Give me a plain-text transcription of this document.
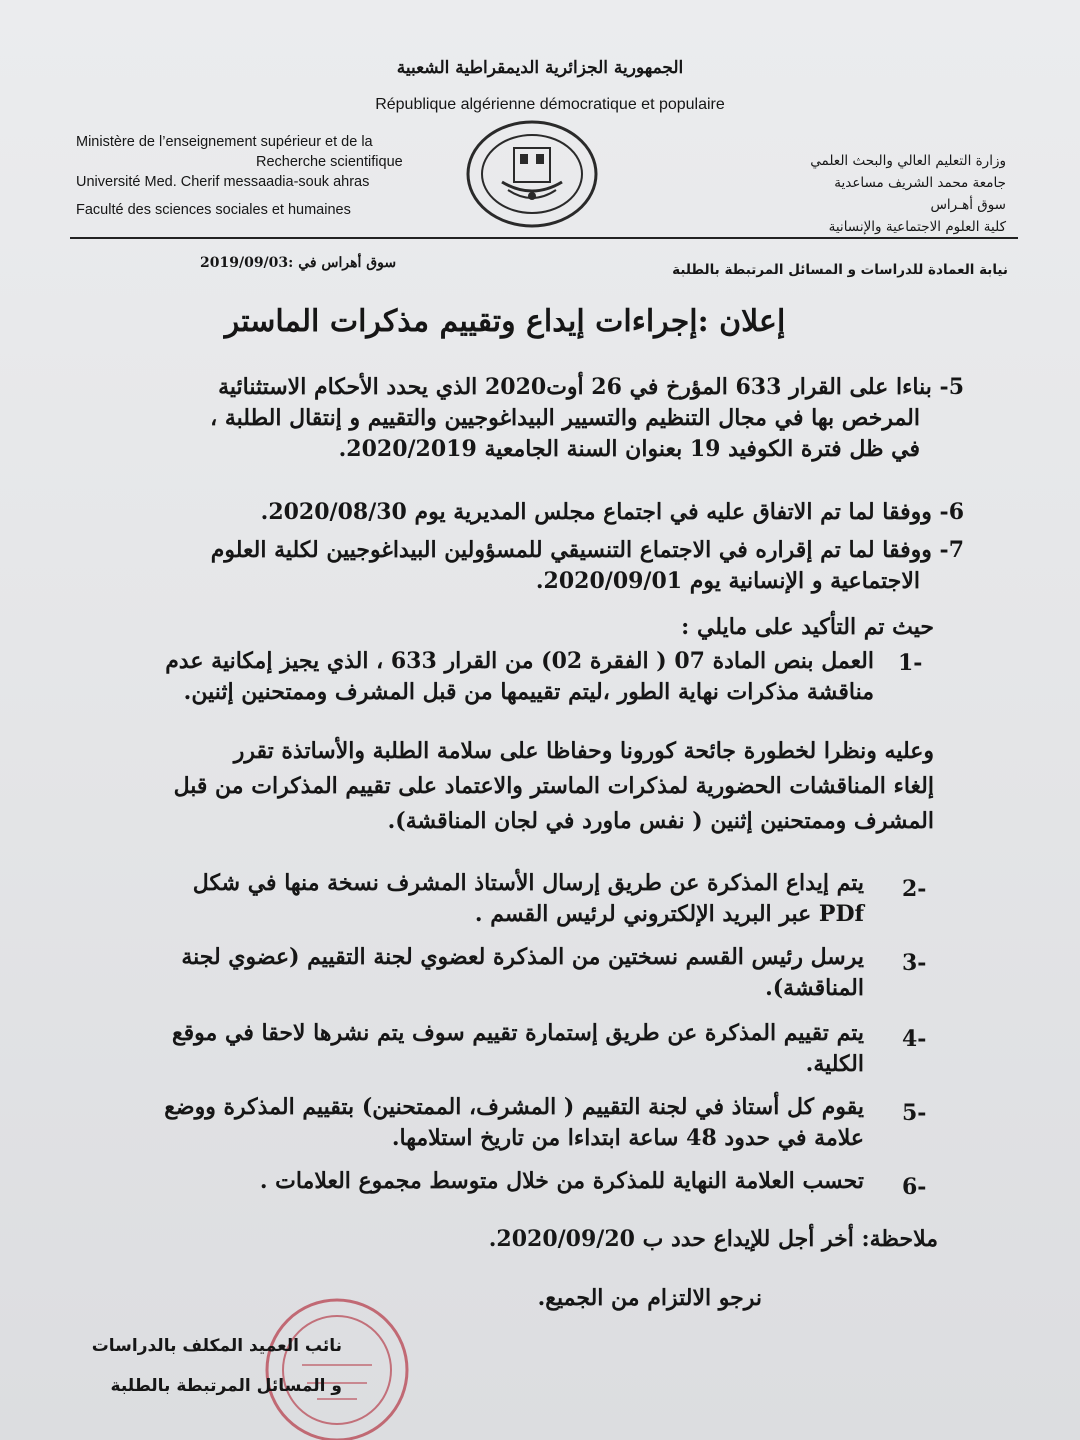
الجمهورية الجزائرية الديمقراطية الشعبية
République algérienne démocratique et populaire
Ministère de l’enseignement supérieur et de la
Recherche scientifique
Université Med. Cherif messaadia-souk ahras
Faculté des sciences sociales et humaines
وزارة التعليم العالي والبحث العلمي
جامعة محمد الشريف مساعدية
سوق أهـراس
كلية العلوم الاجتماعية والإنسانية
سوق أهراس في :2019/09/03	نيابة العمادة للدراسات و المسائل المرتبطة بالطلبة
إعلان :إجراءات إيداع وتقييم مذكرات الماستر
5- بناءا على القرار 633 المؤرخ في 26 أوت2020 الذي يحدد الأحكام الاستثنائية
المرخص بها في مجال التنظيم والتسيير البيداغوجيين والتقييم و إنتقال الطلبة ،
في ظل فترة الكوفيد 19 بعنوان السنة الجامعية 2020/2019.
6- ووفقا لما تم الاتفاق عليه في اجتماع مجلس المديرية يوم 2020/08/30.
7- ووفقا لما تم إقراره في الاجتماع التنسيقي للمسؤولين البيداغوجيين لكلية العلوم
الاجتماعية و الإنسانية يوم 2020/09/01.
حيث تم التأكيد على مايلي :
1-
العمل بنص المادة 07 ( الفقرة 02) من القرار 633 ، الذي يجيز إمكانية عدم
مناقشة مذكرات نهاية الطور ،ليتم تقييمها من قبل المشرف وممتحنين إثنين.
وعليه ونظرا لخطورة جائحة كورونا وحفاظا على سلامة الطلبة والأساتذة تقرر
إلغاء المناقشات الحضورية لمذكرات الماستر والاعتماد على تقييم المذكرات من قبل
المشرف وممتحنين إثنين ( نفس ماورد في لجان المناقشة).
2-
يتم إيداع المذكرة عن طريق إرسال الأستاذ المشرف نسخة منها في شكل
PDf عبر البريد الإلكتروني لرئيس القسم .
3-
يرسل رئيس القسم نسختين من المذكرة لعضوي لجنة التقييم (عضوي لجنة
المناقشة).
4-
يتم تقييم المذكرة عن طريق إستمارة تقييم سوف يتم نشرها لاحقا في موقع
الكلية.
5-
يقوم كل أستاذ في لجنة التقييم ( المشرف، الممتحنين) بتقييم المذكرة ووضع
علامة في حدود 48 ساعة ابتداءا من تاريخ استلامها.
6-
تحسب العلامة النهاية للمذكرة من خلال متوسط مجموع العلامات .
ملاحظة: أخر أجل للإيداع حدد ب 2020/09/20.
نرجو الالتزام من الجميع.
نائب العميد المكلف بالدراسات
و المسائل المرتبطة بالطلبة
